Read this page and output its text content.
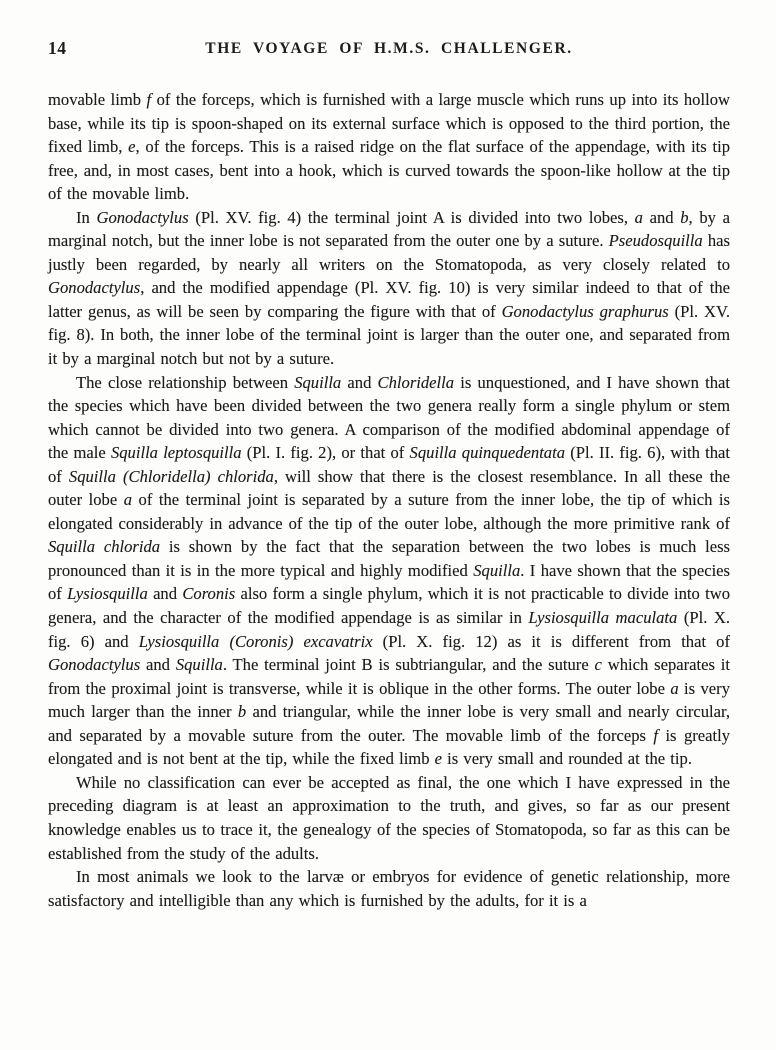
14	THE VOYAGE OF H.M.S. CHALLENGER.

movable limb f of the forceps, which is furnished with a large muscle which runs up into its hollow base, while its tip is spoon-shaped on its external surface which is opposed to the third portion, the fixed limb, e, of the forceps. This is a raised ridge on the flat surface of the appendage, with its tip free, and, in most cases, bent into a hook, which is curved towards the spoon-like hollow at the tip of the movable limb.

In Gonodactylus (Pl. XV. fig. 4) the terminal joint A is divided into two lobes, a and b, by a marginal notch, but the inner lobe is not separated from the outer one by a suture. Pseudosquilla has justly been regarded, by nearly all writers on the Stomatopoda, as very closely related to Gonodactylus, and the modified appendage (Pl. XV. fig. 10) is very similar indeed to that of the latter genus, as will be seen by comparing the figure with that of Gonodactylus graphurus (Pl. XV. fig. 8). In both, the inner lobe of the terminal joint is larger than the outer one, and separated from it by a marginal notch but not by a suture.

The close relationship between Squilla and Chloridella is unquestioned, and I have shown that the species which have been divided between the two genera really form a single phylum or stem which cannot be divided into two genera. A comparison of the modified abdominal appendage of the male Squilla leptosquilla (Pl. I. fig. 2), or that of Squilla quinquedentata (Pl. II. fig. 6), with that of Squilla (Chloridella) chlorida, will show that there is the closest resemblance. In all these the outer lobe a of the terminal joint is separated by a suture from the inner lobe, the tip of which is elongated considerably in advance of the tip of the outer lobe, although the more primitive rank of Squilla chlorida is shown by the fact that the separation between the two lobes is much less pronounced than it is in the more typical and highly modified Squilla. I have shown that the species of Lysiosquilla and Coronis also form a single phylum, which it is not practicable to divide into two genera, and the character of the modified appendage is as similar in Lysiosquilla maculata (Pl. X. fig. 6) and Lysiosquilla (Coronis) excavatrix (Pl. X. fig. 12) as it is different from that of Gonodactylus and Squilla. The terminal joint B is subtriangular, and the suture c which separates it from the proximal joint is transverse, while it is oblique in the other forms. The outer lobe a is very much larger than the inner b and triangular, while the inner lobe is very small and nearly circular, and separated by a movable suture from the outer. The movable limb of the forceps f is greatly elongated and is not bent at the tip, while the fixed limb e is very small and rounded at the tip.

While no classification can ever be accepted as final, the one which I have expressed in the preceding diagram is at least an approximation to the truth, and gives, so far as our present knowledge enables us to trace it, the genealogy of the species of Stomatopoda, so far as this can be established from the study of the adults.

In most animals we look to the larvæ or embryos for evidence of genetic relationship, more satisfactory and intelligible than any which is furnished by the adults, for it is a
